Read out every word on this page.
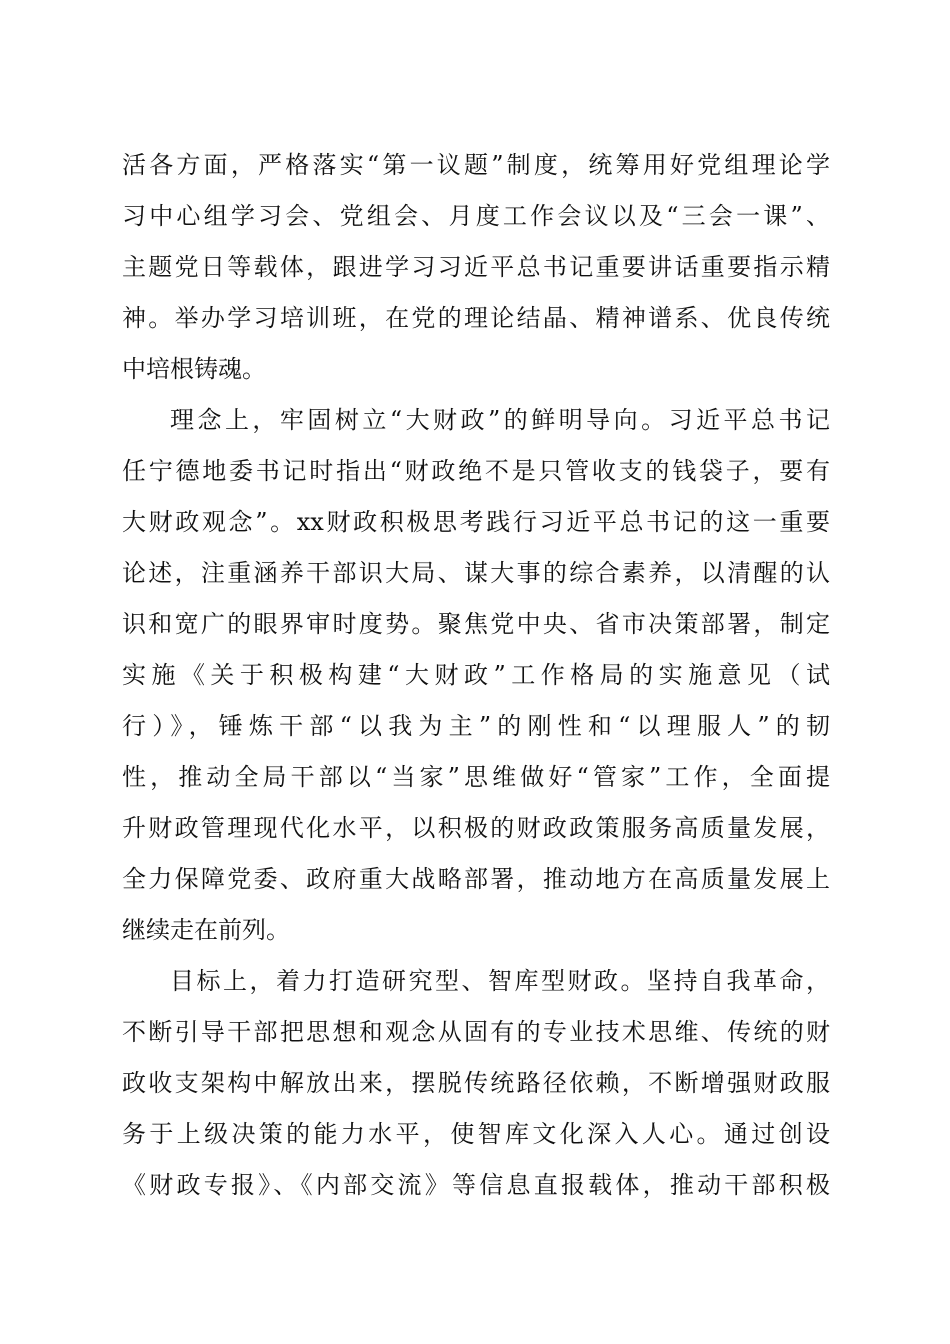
活各方面，严格落实“第一议题”制度，统筹用好党组理论学
习中心组学习会、党组会、月度工作会议以及“三会一课”、
主题党日等载体，跟进学习习近平总书记重要讲话重要指示精
神。举办学习培训班，在党的理论结晶、精神谱系、优良传统
中培根铸魂。
理念上，牢固树立“大财政”的鲜明导向。习近平总书记
任宁德地委书记时指出“财政绝不是只管收支的钱袋子，要有
大财政观念”。xx财政积极思考践行习近平总书记的这一重要
论述，注重涵养干部识大局、谋大事的综合素养，以清醒的认
识和宽广的眼界审时度势。聚焦党中央、省市决策部署，制定
实施《关于积极构建“大财政”工作格局的实施意见（试
行）》，锤炼干部“以我为主”的刚性和“以理服人”的韧
性，推动全局干部以“当家”思维做好“管家”工作，全面提
升财政管理现代化水平，以积极的财政政策服务高质量发展，
全力保障党委、政府重大战略部署，推动地方在高质量发展上
继续走在前列。
目标上，着力打造研究型、智库型财政。坚持自我革命，
不断引导干部把思想和观念从固有的专业技术思维、传统的财
政收支架构中解放出来，摆脱传统路径依赖，不断增强财政服
务于上级决策的能力水平，使智库文化深入人心。通过创设
《财政专报》、《内部交流》等信息直报载体，推动干部积极
